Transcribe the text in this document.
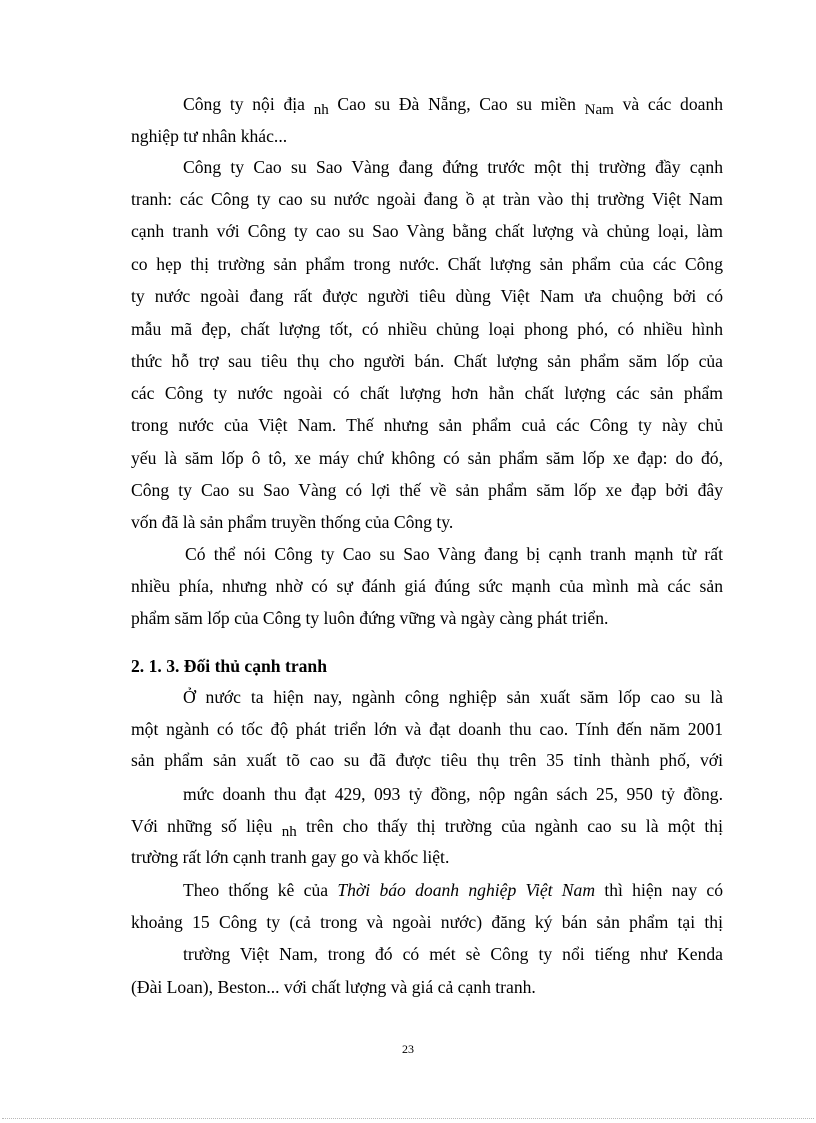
Công ty nội địa nh Cao su Đà Nẵng, Cao su miền Nam và các doanh
nghiệp tư nhân khác...
Công ty Cao su Sao Vàng đang đứng trước một thị trường đầy cạnh
tranh: các Công ty cao su nước ngoài đang ồ ạt tràn vào thị trường Việt Nam
cạnh tranh với Công ty cao su Sao Vàng bằng chất lượng và chủng loại, làm
co hẹp thị trường sản phẩm trong nước. Chất lượng sản phẩm của các Công
ty nước ngoài đang rất được người tiêu dùng Việt Nam ưa chuộng bởi có
mẫu mã đẹp, chất lượng tốt, có nhiều chủng loại phong phó, có nhiều hình
thức hỗ trợ sau tiêu thụ cho người bán. Chất lượng sản phẩm săm lốp của
các Công ty nước ngoài có chất lượng hơn hẳn chất lượng các sản phẩm
trong nước của Việt Nam. Thế nhưng sản phẩm cuả các Công ty này chủ
yếu là săm lốp ô tô, xe máy chứ không có sản phẩm săm lốp xe đạp: do đó,
Công ty Cao su Sao Vàng có lợi thế về sản phẩm săm lốp xe đạp bởi đây
vốn đã là sản phẩm truyền thống của Công ty.
Có thể nói Công ty Cao su Sao Vàng đang bị cạnh tranh mạnh từ rất
nhiều phía, nhưng nhờ có sự đánh giá đúng sức mạnh của mình mà các sản
phẩm săm lốp của Công ty luôn đứng vững và ngày càng phát triển.
2. 1. 3. Đối thủ cạnh tranh
Ở nước ta hiện nay, ngành công nghiệp sản xuất săm lốp cao su là
một ngành có tốc độ phát triển lớn và đạt doanh thu cao. Tính đến năm 2001
sản phẩm sản xuất tõ cao su đã được tiêu thụ trên 35 tỉnh thành phố, với
mức doanh thu đạt 429, 093 tỷ đồng, nộp ngân sách 25, 950 tỷ đồng.
Với những số liệu nh trên cho thấy thị trường của ngành cao su là một thị
trường rất lớn cạnh tranh gay go và khốc liệt.
Theo thống kê của Thời báo doanh nghiệp Việt Nam thì hiện nay có
khoảng 15 Công ty (cả trong và ngoài nước) đăng ký bán sản phẩm tại thị
trường Việt Nam, trong đó có mét sè Công ty nổi tiếng như Kenda
(Đài Loan), Beston... với chất lượng và giá cả cạnh tranh.
23
